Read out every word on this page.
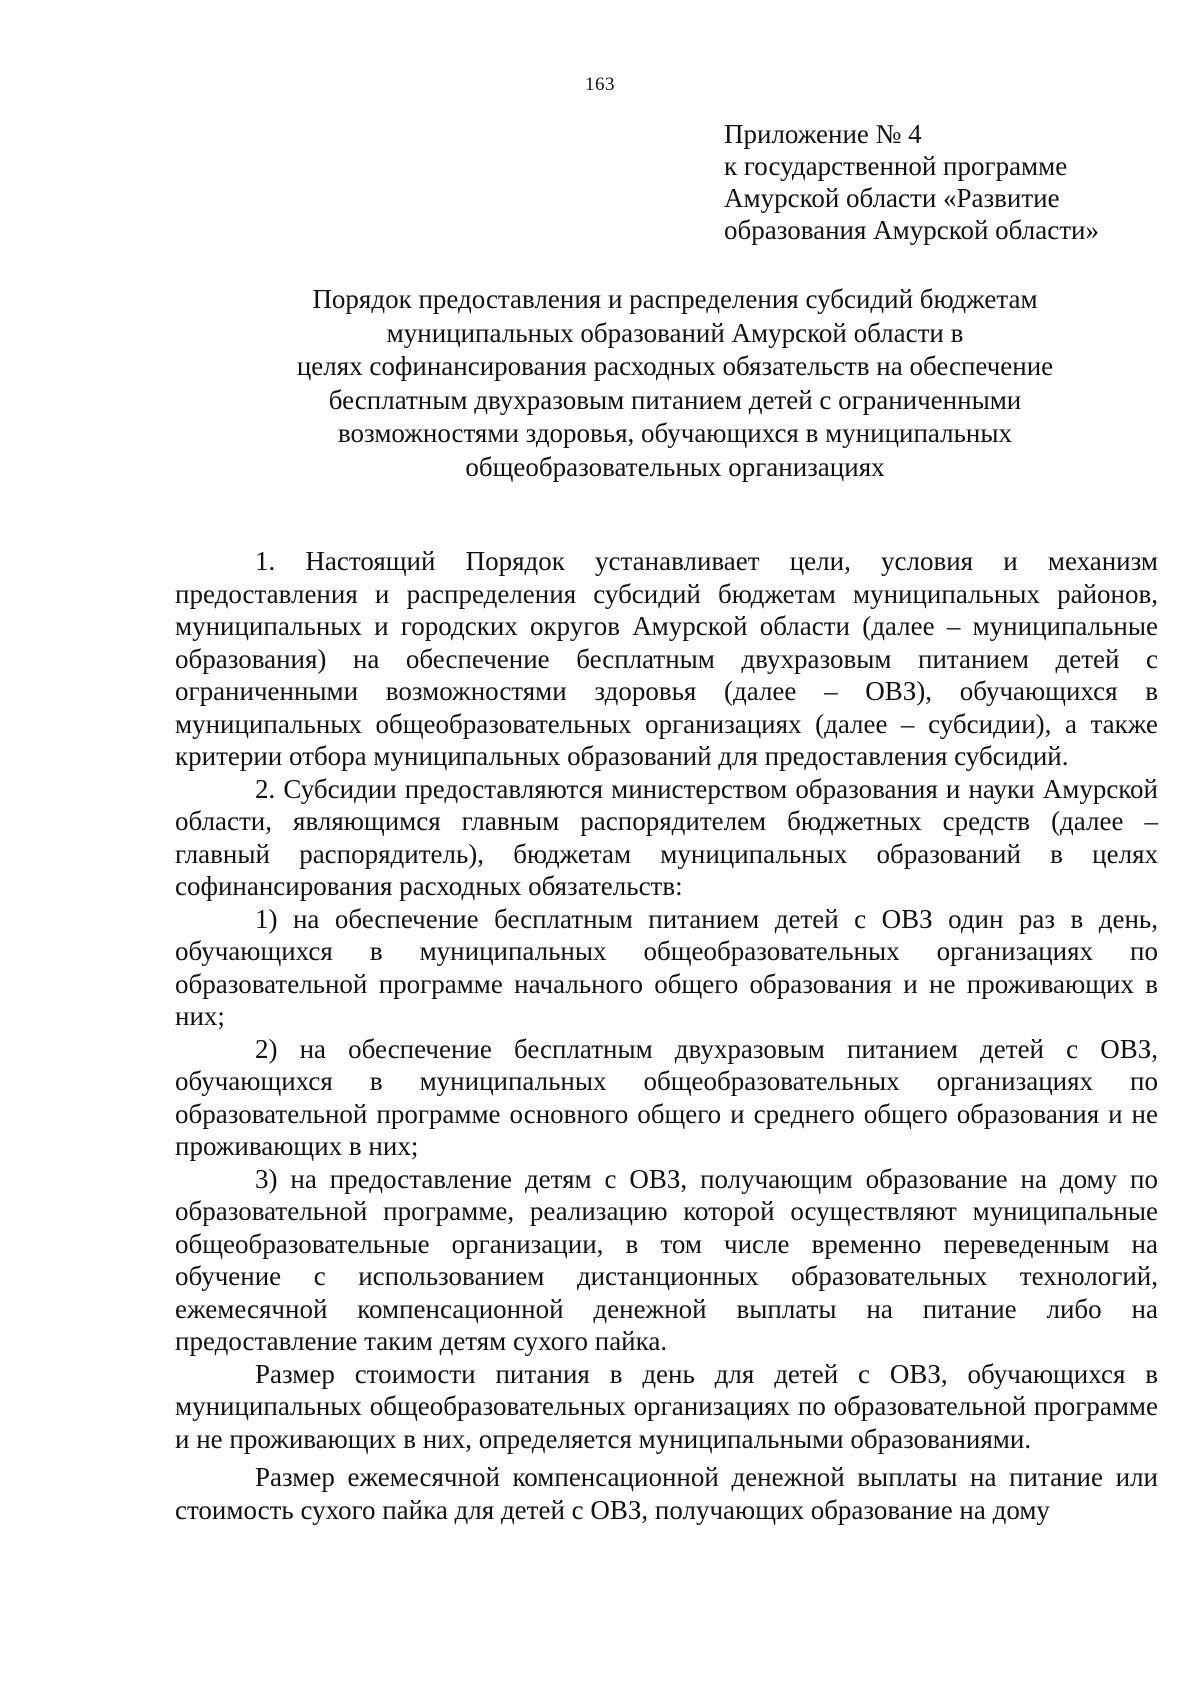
163
Приложение № 4
к государственной программе
Амурской области «Развитие
образования Амурской области»
Порядок предоставления и распределения субсидий бюджетам
муниципальных образований Амурской области в
целях софинансирования расходных обязательств на обеспечение
бесплатным двухразовым питанием детей с ограниченными
возможностями здоровья, обучающихся в муниципальных
общеобразовательных организациях

1. Настоящий Порядок устанавливает цели, условия и механизм предоставления и распределения субсидий бюджетам муниципальных районов, муниципальных и городских округов Амурской области (далее – муниципальные образования) на обеспечение бесплатным двухразовым питанием детей с ограниченными возможностями здоровья (далее – ОВЗ), обучающихся в муниципальных общеобразовательных организациях (далее – субсидии), а также критерии отбора муниципальных образований для предоставления субсидий.

2. Субсидии предоставляются министерством образования и науки Амурской области, являющимся главным распорядителем бюджетных средств (далее – главный распорядитель), бюджетам муниципальных образований в целях софинансирования расходных обязательств:

1) на обеспечение бесплатным питанием детей с ОВЗ один раз в день, обучающихся в муниципальных общеобразовательных организациях по образовательной программе начального общего образования и не проживающих в них;

2) на обеспечение бесплатным двухразовым питанием детей с ОВЗ, обучающихся в муниципальных общеобразовательных организациях по образовательной программе основного общего и среднего общего образования и не проживающих в них;

3) на предоставление детям с ОВЗ, получающим образование на дому по образовательной программе, реализацию которой осуществляют муниципальные общеобразовательные организации, в том числе временно переведенным на обучение с использованием дистанционных образовательных технологий, ежемесячной компенсационной денежной выплаты на питание либо на предоставление таким детям сухого пайка.

Размер стоимости питания в день для детей с ОВЗ, обучающихся в муниципальных общеобразовательных организациях по образовательной программе и не проживающих в них, определяется муниципальными образованиями.

Размер ежемесячной компенсационной денежной выплаты на питание или стоимость сухого пайка для детей с ОВЗ, получающих образование на дому
